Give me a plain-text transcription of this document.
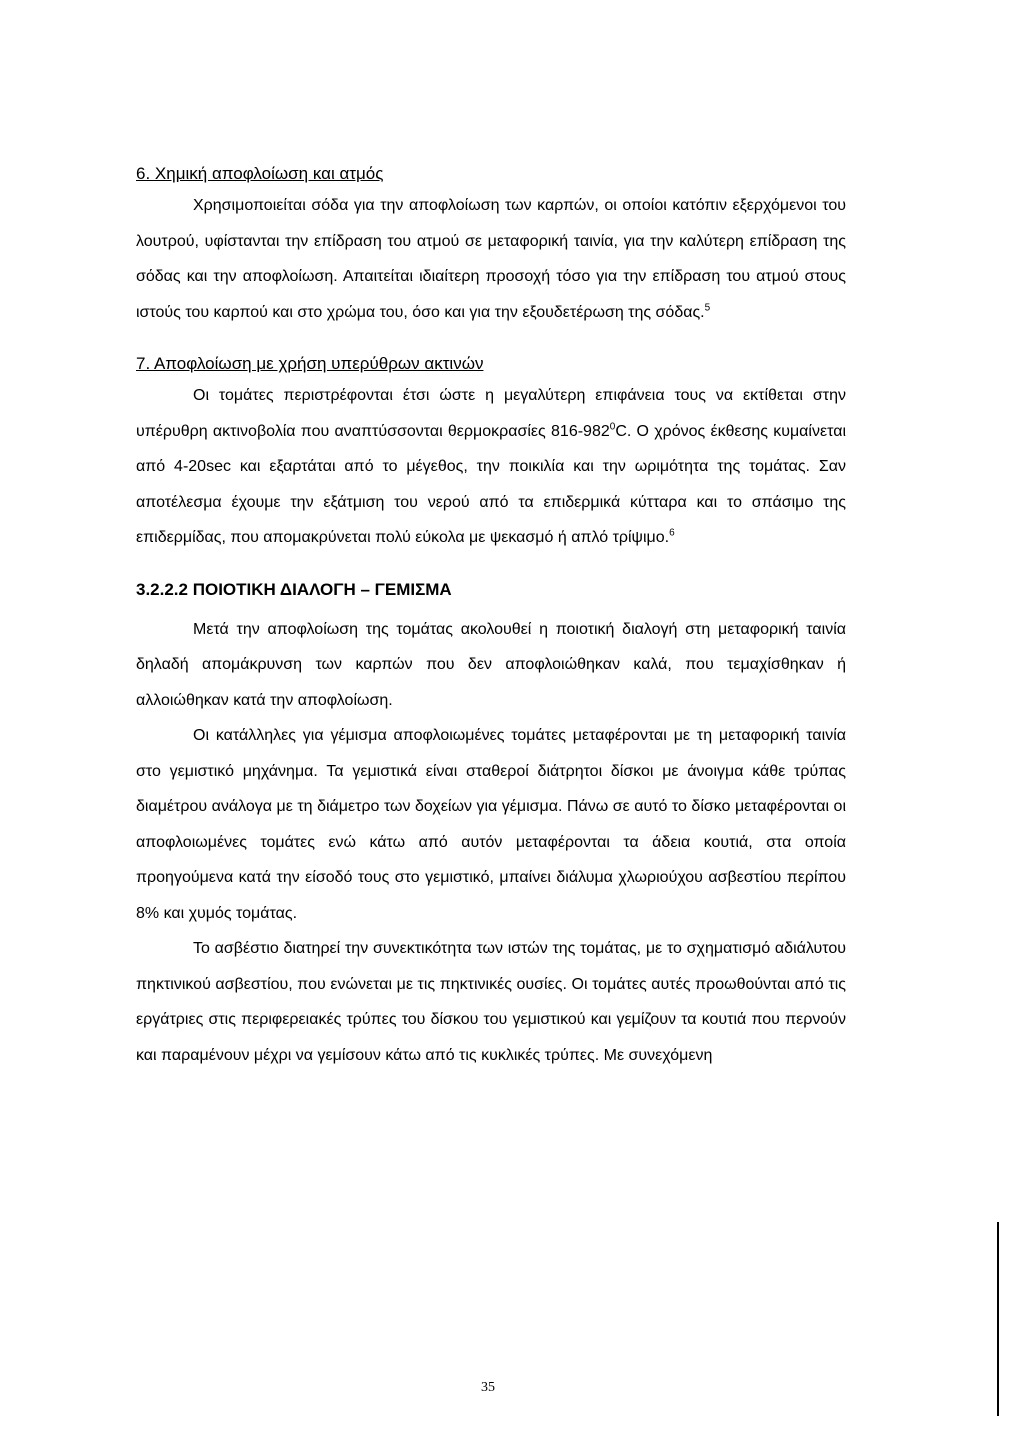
6. Χημική αποφλοίωση και ατμός

Χρησιμοποιείται σόδα για την αποφλοίωση των καρπών, οι οποίοι κατόπιν εξερχόμενοι του λουτρού, υφίστανται την επίδραση του ατμού σε μεταφορική ταινία, για την καλύτερη επίδραση της σόδας και την αποφλοίωση. Απαιτείται ιδιαίτερη προσοχή τόσο για την επίδραση του ατμού στους ιστούς του καρπού και στο χρώμα του, όσο και για την εξουδετέρωση της σόδας.$^5$

7. Αποφλοίωση με χρήση υπερύθρων ακτινών

Οι τομάτες περιστρέφονται έτσι ώστε η μεγαλύτερη επιφάνεια τους να εκτίθεται στην υπέρυθρη ακτινοβολία που αναπτύσσονται θερμοκρασίες $816-982^0C$. Ο χρόνος έκθεσης κυμαίνεται από 4-20sec και εξαρτάται από το μέγεθος, την ποικιλία και την ωριμότητα της τομάτας. Σαν αποτέλεσμα έχουμε την εξάτμιση του νερού από τα επιδερμικά κύτταρα και το σπάσιμο της επιδερμίδας, που απομακρύνεται πολύ εύκολα με ψεκασμό ή απλό τρίψιμο.$^6$

3.2.2.2 ΠΟΙΟΤΙΚΗ ΔΙΑΛΟΓΗ – ΓΕΜΙΣΜΑ

Μετά την αποφλοίωση της τομάτας ακολουθεί η ποιοτική διαλογή στη μεταφορική ταινία δηλαδή απομάκρυνση των καρπών που δεν αποφλοιώθηκαν καλά, που τεμαχίσθηκαν ή αλλοιώθηκαν κατά την αποφλοίωση.

Οι κατάλληλες για γέμισμα αποφλοιωμένες τομάτες μεταφέρονται με τη μεταφορική ταινία στο γεμιστικό μηχάνημα. Τα γεμιστικά είναι σταθεροί διάτρητοι δίσκοι με άνοιγμα κάθε τρύπας διαμέτρου ανάλογα με τη διάμετρο των δοχείων για γέμισμα. Πάνω σε αυτό το δίσκο μεταφέρονται οι αποφλοιωμένες τομάτες ενώ κάτω από αυτόν μεταφέρονται τα άδεια κουτιά, στα οποία προηγούμενα κατά την είσοδό τους στο γεμιστικό, μπαίνει διάλυμα χλωριούχου ασβεστίου περίπου 8% και χυμός τομάτας.

Το ασβέστιο διατηρεί την συνεκτικότητα των ιστών της τομάτας, με το σχηματισμό αδιάλυτου πηκτινικού ασβεστίου, που ενώνεται με τις πηκτινικές ουσίες. Οι τομάτες αυτές προωθούνται από τις εργάτριες στις περιφερειακές τρύπες του δίσκου του γεμιστικού και γεμίζουν τα κουτιά που περνούν και παραμένουν μέχρι να γεμίσουν κάτω από τις κυκλικές τρύπες. Με συνεχόμενη

35
